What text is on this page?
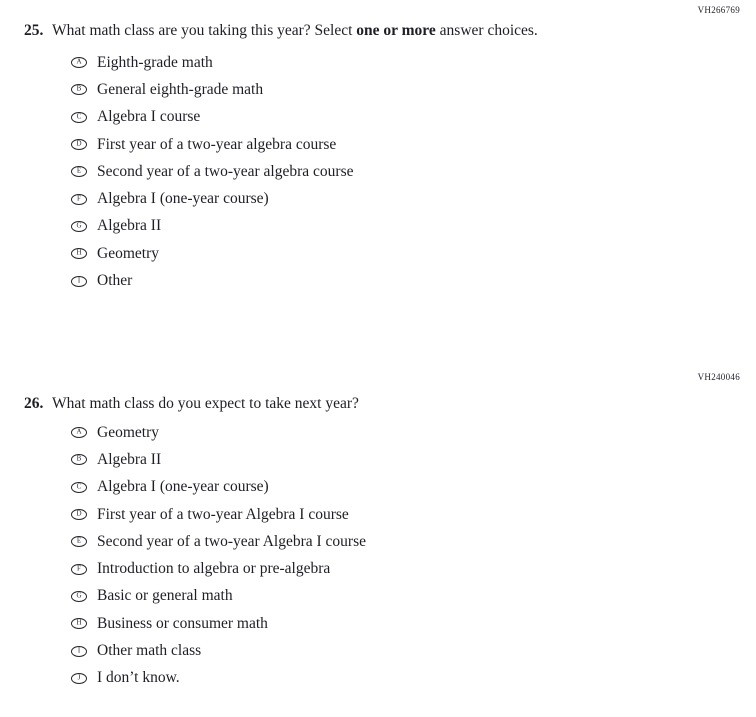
VH266769
25. What math class are you taking this year? Select one or more answer choices.
A Eighth-grade math
B General eighth-grade math
C Algebra I course
D First year of a two-year algebra course
E Second year of a two-year algebra course
F Algebra I (one-year course)
G Algebra II
H Geometry
I Other
VH240046
26. What math class do you expect to take next year?
A Geometry
B Algebra II
C Algebra I (one-year course)
D First year of a two-year Algebra I course
E Second year of a two-year Algebra I course
F Introduction to algebra or pre-algebra
G Basic or general math
H Business or consumer math
I Other math class
J I don’t know.
